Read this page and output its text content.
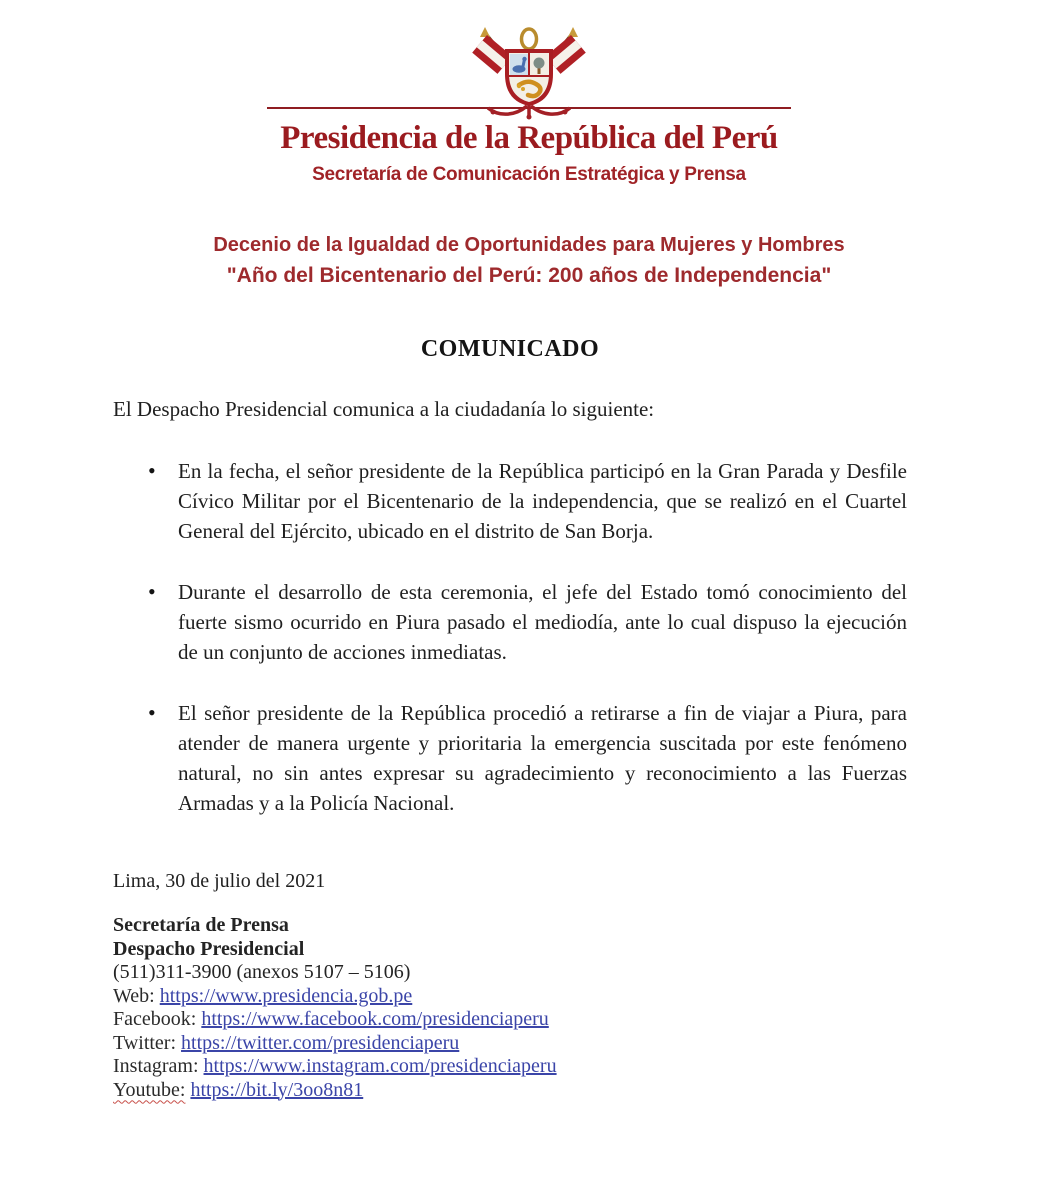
Presidencia de la República del Perú
Secretaría de Comunicación Estratégica y Prensa
Decenio de la Igualdad de Oportunidades para Mujeres y Hombres
"Año del Bicentenario del Perú: 200 años de Independencia"
COMUNICADO

El Despacho Presidencial comunica a la ciudadanía lo siguiente:

• En la fecha, el señor presidente de la República participó en la Gran Parada y Desfile Cívico Militar por el Bicentenario de la independencia, que se realizó en el Cuartel General del Ejército, ubicado en el distrito de San Borja.
• Durante el desarrollo de esta ceremonia, el jefe del Estado tomó conocimiento del fuerte sismo ocurrido en Piura pasado el mediodía, ante lo cual dispuso la ejecución de un conjunto de acciones inmediatas.
• El señor presidente de la República procedió a retirarse a fin de viajar a Piura, para atender de manera urgente y prioritaria la emergencia suscitada por este fenómeno natural, no sin antes expresar su agradecimiento y reconocimiento a las Fuerzas Armadas y a la Policía Nacional.

Lima, 30 de julio del 2021

Secretaría de Prensa
Despacho Presidencial
(511)311-3900 (anexos 5107 – 5106)
Web: https://www.presidencia.gob.pe
Facebook: https://www.facebook.com/presidenciaperu
Twitter: https://twitter.com/presidenciaperu
Instagram: https://www.instagram.com/presidenciaperu
Youtube: https://bit.ly/3oo8n81
